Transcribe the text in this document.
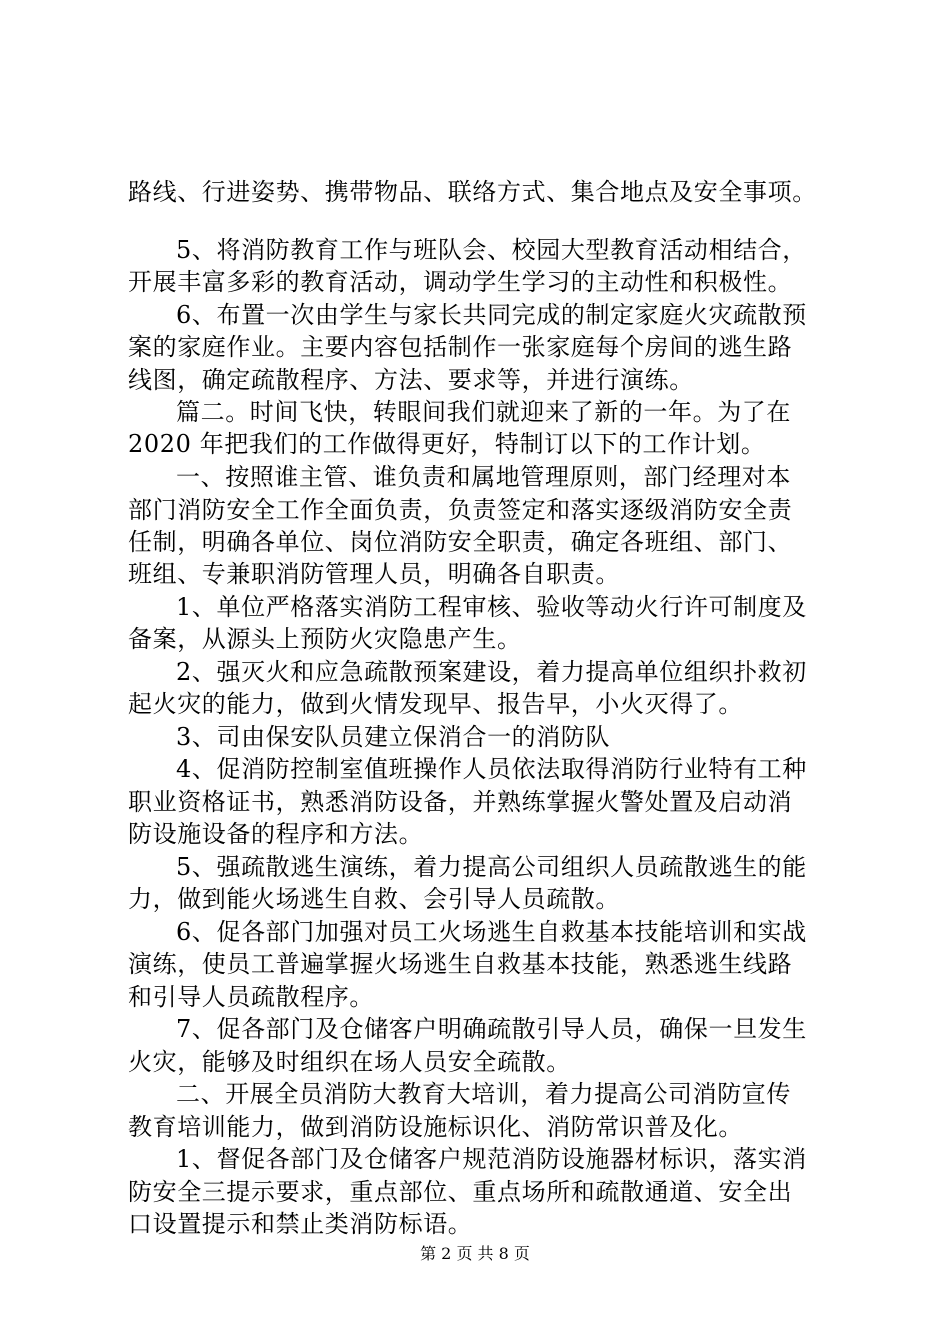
路线、行进姿势、携带物品、联络方式、集合地点及安全事项。
5、将消防教育工作与班队会、校园大型教育活动相结合，
开展丰富多彩的教育活动，调动学生学习的主动性和积极性。
6、布置一次由学生与家长共同完成的制定家庭火灾疏散预
案的家庭作业。主要内容包括制作一张家庭每个房间的逃生路
线图，确定疏散程序、方法、要求等，并进行演练。
篇二。时间飞快，转眼间我们就迎来了新的一年。为了在
2020 年把我们的工作做得更好，特制订以下的工作计划。
一、按照谁主管、谁负责和属地管理原则，部门经理对本
部门消防安全工作全面负责，负责签定和落实逐级消防安全责
任制，明确各单位、岗位消防安全职责，确定各班组、部门、
班组、专兼职消防管理人员，明确各自职责。
1、单位严格落实消防工程审核、验收等动火行许可制度及
备案，从源头上预防火灾隐患产生。
2、强灭火和应急疏散预案建设，着力提高单位组织扑救初
起火灾的能力，做到火情发现早、报告早，小火灭得了。
3、司由保安队员建立保消合一的消防队
4、促消防控制室值班操作人员依法取得消防行业特有工种
职业资格证书，熟悉消防设备，并熟练掌握火警处置及启动消
防设施设备的程序和方法。
5、强疏散逃生演练，着力提高公司组织人员疏散逃生的能
力，做到能火场逃生自救、会引导人员疏散。
6、促各部门加强对员工火场逃生自救基本技能培训和实战
演练，使员工普遍掌握火场逃生自救基本技能，熟悉逃生线路
和引导人员疏散程序。
7、促各部门及仓储客户明确疏散引导人员，确保一旦发生
火灾，能够及时组织在场人员安全疏散。
二、开展全员消防大教育大培训，着力提高公司消防宣传
教育培训能力，做到消防设施标识化、消防常识普及化。
1、督促各部门及仓储客户规范消防设施器材标识，落实消
防安全三提示要求，重点部位、重点场所和疏散通道、安全出
口设置提示和禁止类消防标语。
第 2 页 共 8 页
